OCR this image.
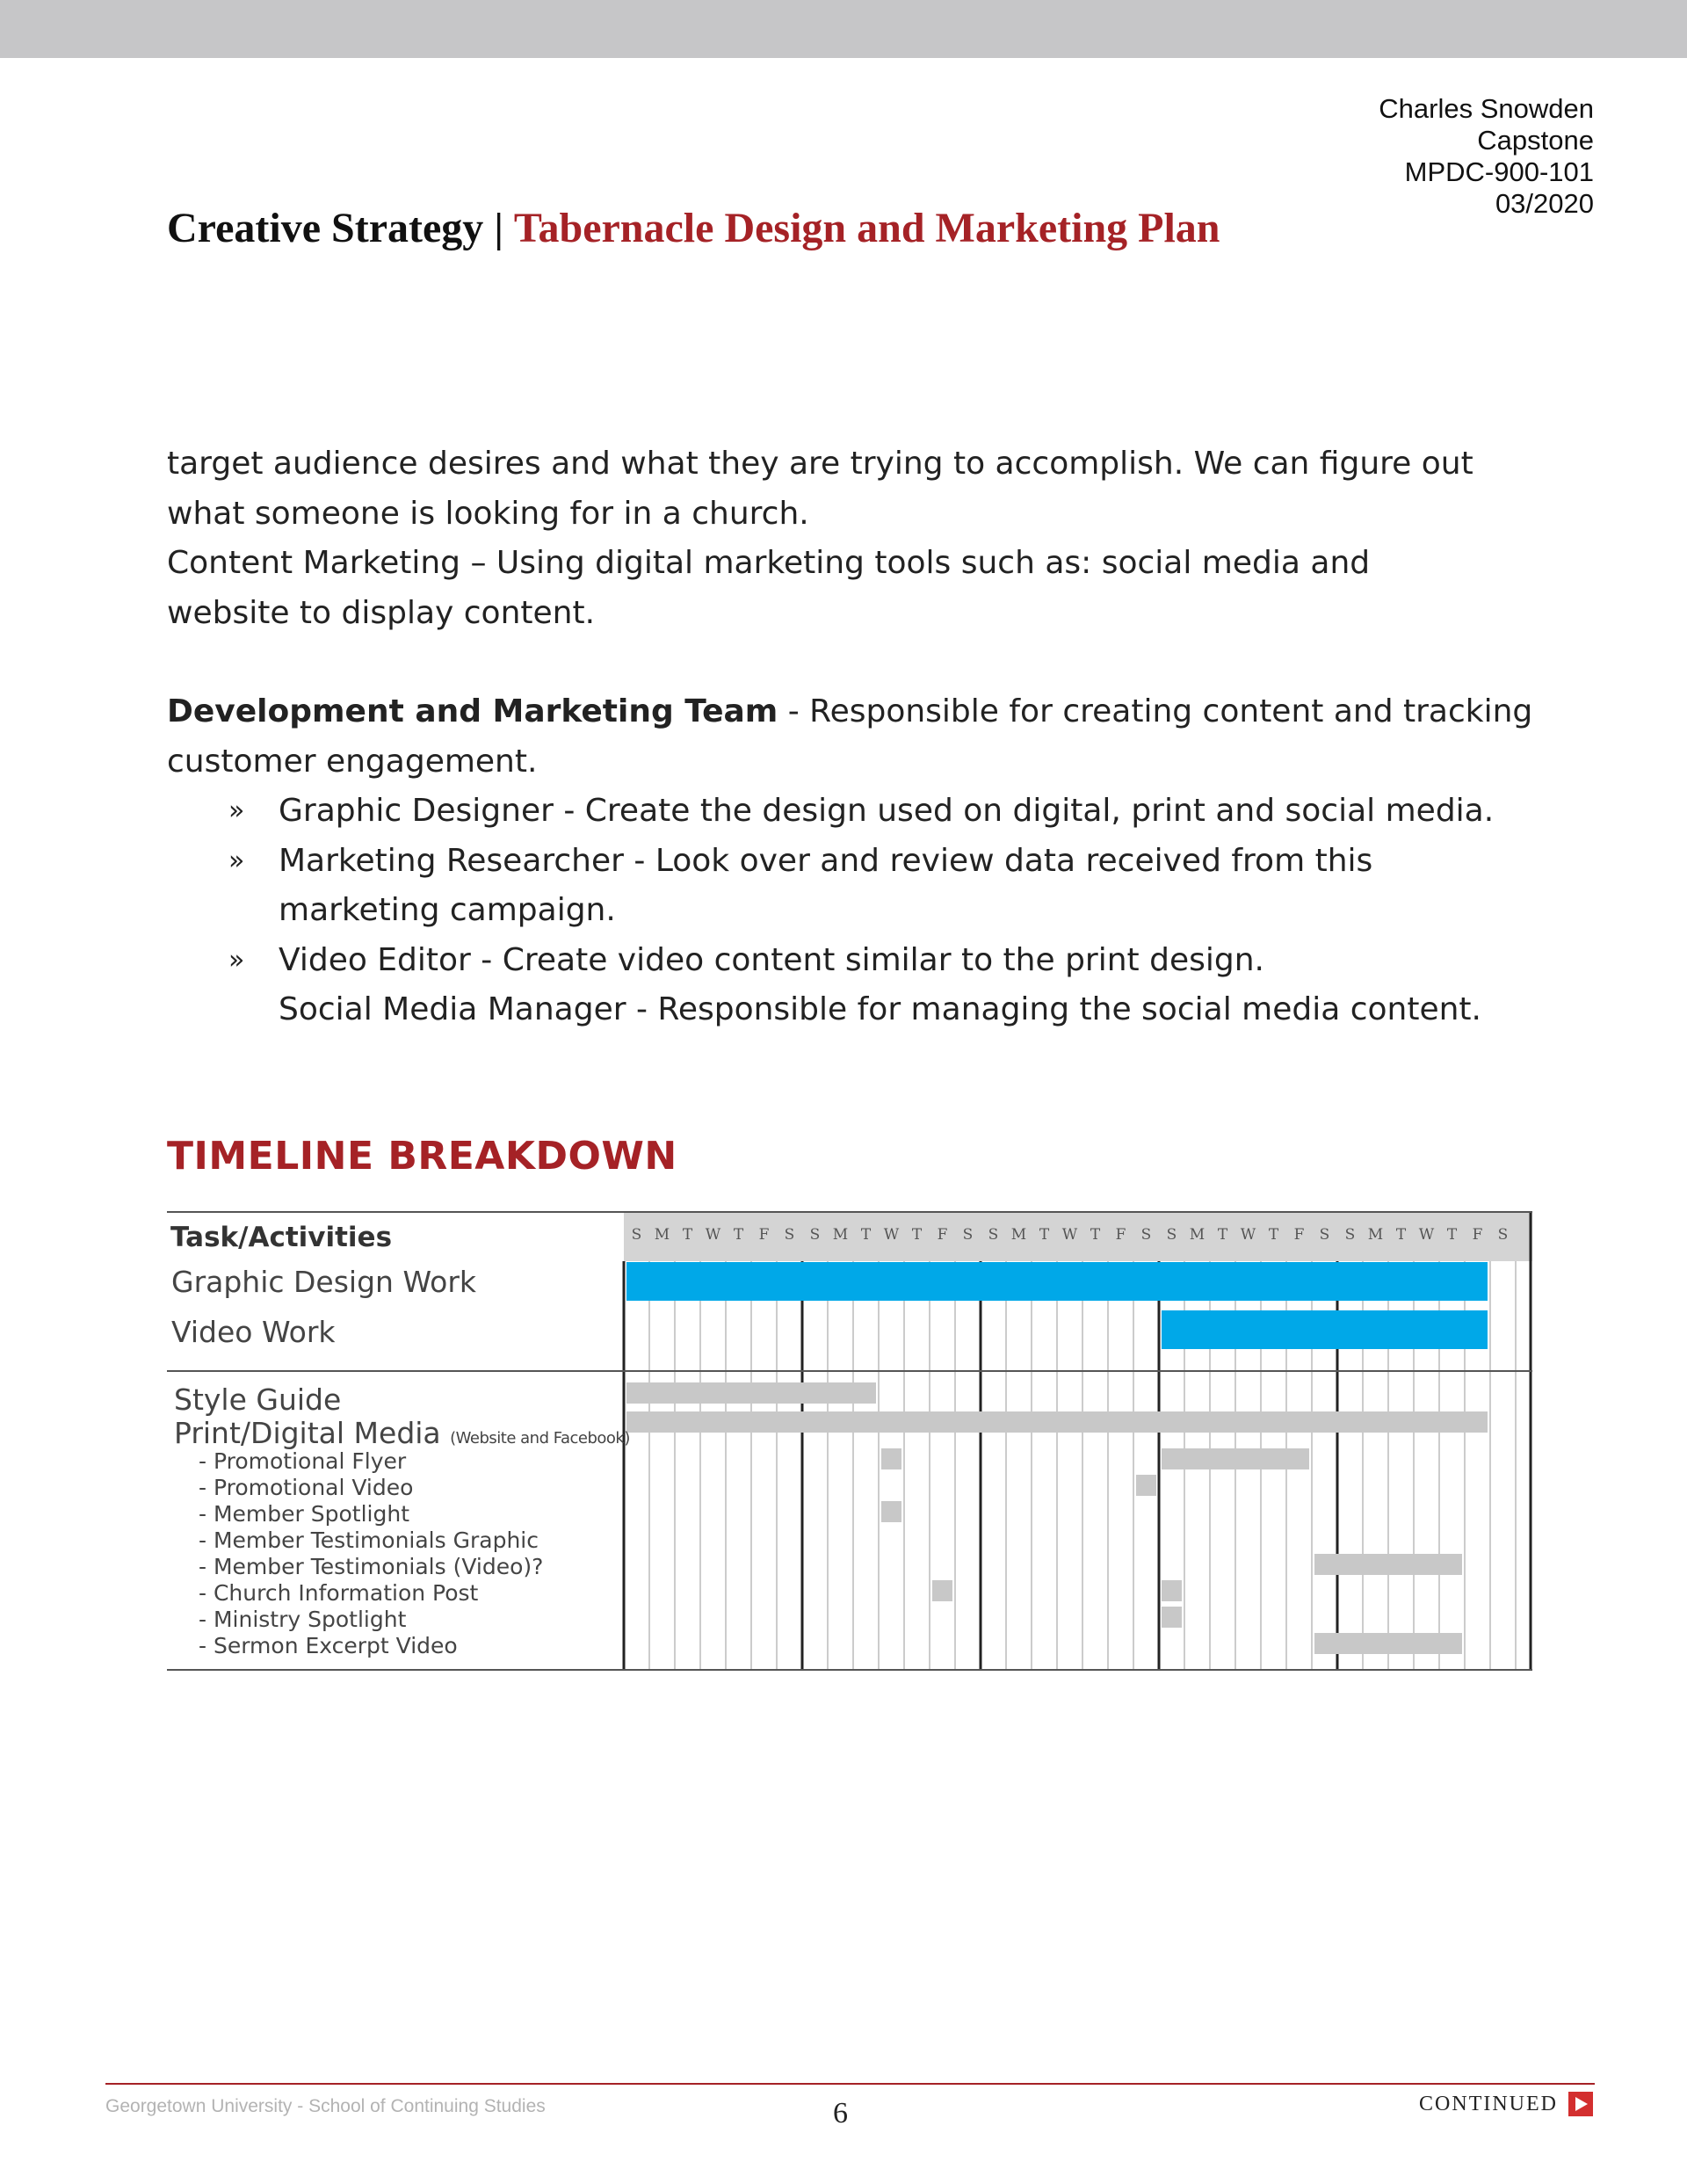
Charles Snowden
Capstone
MPDC-900-101
03/2020
Creative Strategy | Tabernacle Design and Marketing Plan

target audience desires and what they are trying to accomplish. We can figure out

what someone is looking for in a church.

Content Marketing – Using digital marketing tools such as: social media and

website to display content.

Development and Marketing Team - Responsible for creating content and tracking

customer engagement.

» Graphic Designer - Create the design used on digital, print and social media.

» Marketing Researcher - Look over and review data received from this

marketing campaign.

» Video Editor - Create video content similar to the print design.

Social Media Manager - Responsible for managing the social media content.

TIMELINE BREAKDOWN
S M T W T F S S M T W T F S S M T W T F S S M T W T F S S M T W T F S
Task/Activities
Graphic Design Work
Video Work
Style Guide
Print/Digital Media (Website and Facebook)
- Promotional Flyer
- Promotional Video
- Member Spotlight
- Member Testimonials Graphic
- Member Testimonials (Video)?
- Church Information Post
- Ministry Spotlight
- Sermon Excerpt Video
Georgetown University - School of Continuing Studies	6	CONTINUED
